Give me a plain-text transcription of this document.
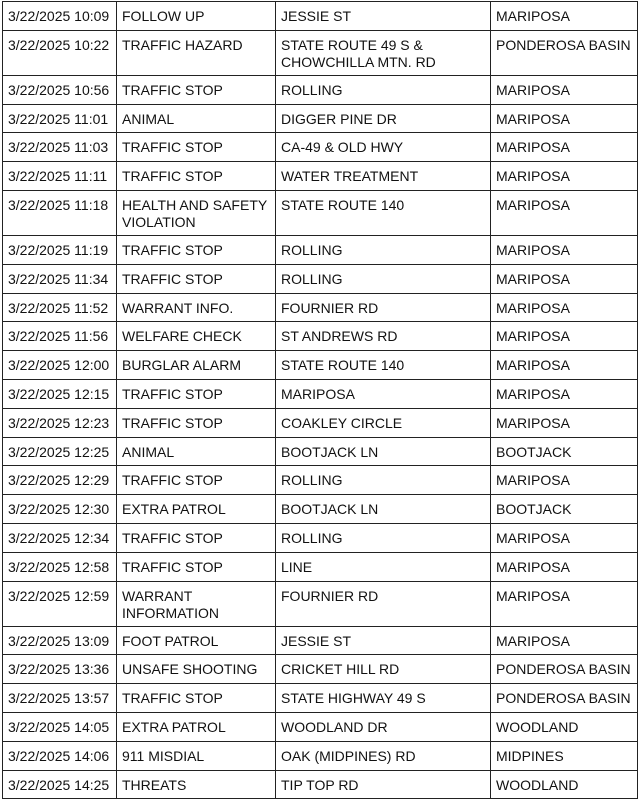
3/22/2025 10:09	FOLLOW UP	JESSIE ST	MARIPOSA
3/22/2025 10:22	TRAFFIC HAZARD	STATE ROUTE 49 S & CHOWCHILLA MTN. RD	PONDEROSA BASIN
3/22/2025 10:56	TRAFFIC STOP	ROLLING	MARIPOSA
3/22/2025 11:01	ANIMAL	DIGGER PINE DR	MARIPOSA
3/22/2025 11:03	TRAFFIC STOP	CA-49 & OLD HWY	MARIPOSA
3/22/2025 11:11	TRAFFIC STOP	WATER TREATMENT	MARIPOSA
3/22/2025 11:18	HEALTH AND SAFETY VIOLATION	STATE ROUTE 140	MARIPOSA
3/22/2025 11:19	TRAFFIC STOP	ROLLING	MARIPOSA
3/22/2025 11:34	TRAFFIC STOP	ROLLING	MARIPOSA
3/22/2025 11:52	WARRANT INFO.	FOURNIER RD	MARIPOSA
3/22/2025 11:56	WELFARE CHECK	ST ANDREWS RD	MARIPOSA
3/22/2025 12:00	BURGLAR ALARM	STATE ROUTE 140	MARIPOSA
3/22/2025 12:15	TRAFFIC STOP	MARIPOSA	MARIPOSA
3/22/2025 12:23	TRAFFIC STOP	COAKLEY CIRCLE	MARIPOSA
3/22/2025 12:25	ANIMAL	BOOTJACK LN	BOOTJACK
3/22/2025 12:29	TRAFFIC STOP	ROLLING	MARIPOSA
3/22/2025 12:30	EXTRA PATROL	BOOTJACK LN	BOOTJACK
3/22/2025 12:34	TRAFFIC STOP	ROLLING	MARIPOSA
3/22/2025 12:58	TRAFFIC STOP	LINE	MARIPOSA
3/22/2025 12:59	WARRANT INFORMATION	FOURNIER RD	MARIPOSA
3/22/2025 13:09	FOOT PATROL	JESSIE ST	MARIPOSA
3/22/2025 13:36	UNSAFE SHOOTING	CRICKET HILL RD	PONDEROSA BASIN
3/22/2025 13:57	TRAFFIC STOP	STATE HIGHWAY 49 S	PONDEROSA BASIN
3/22/2025 14:05	EXTRA PATROL	WOODLAND DR	WOODLAND
3/22/2025 14:06	911 MISDIAL	OAK (MIDPINES) RD	MIDPINES
3/22/2025 14:25	THREATS	TIP TOP RD	WOODLAND
